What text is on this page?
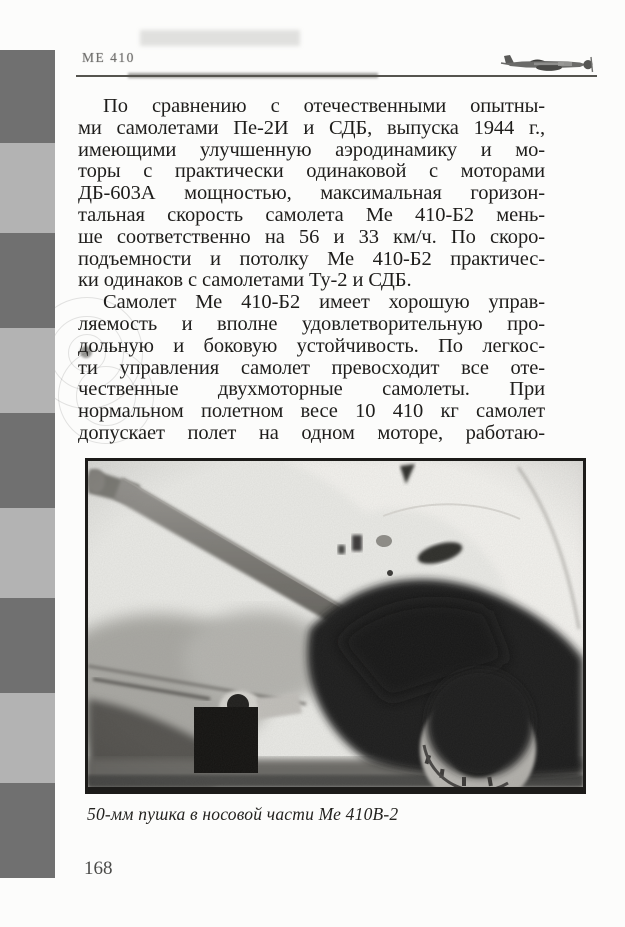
ME 410
По сравнению с отечественными опытны-
ми самолетами Пе-2И и СДБ, выпуска 1944 г.,
имеющими улучшенную аэродинамику и мо-
торы с практически одинаковой с моторами
ДБ-603А мощностью, максимальная горизон-
тальная скорость самолета Ме 410-Б2 мень-
ше соответственно на 56 и 33 км/ч. По скоро-
подъемности и потолку Ме 410-Б2 практичес-
ки одинаков с самолетами Ту-2 и СДБ.
Самолет Ме 410-Б2 имеет хорошую управ-
ляемость и вполне удовлетворительную про-
дольную и боковую устойчивость. По легкос-
ти управления самолет превосходит все оте-
чественные двухмоторные самолеты. При
нормальном полетном весе 10 410 кг самолет
допускает полет на одном моторе, работаю-
50-мм пушка в носовой части Ме 410В-2
168
